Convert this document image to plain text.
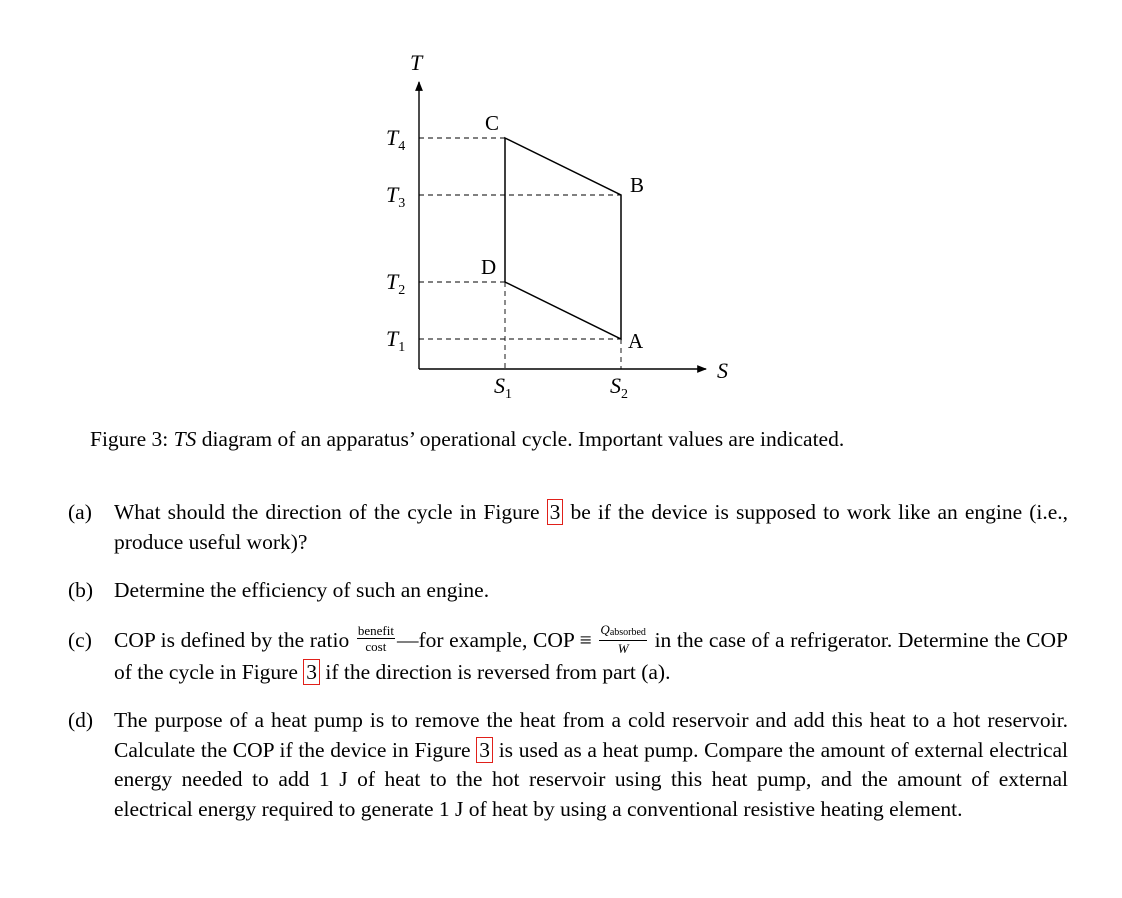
T
S
$T_4$
$T_3$
$T_2$
$T_1$
$S_1$	$S_2$
C
B
D
A
Figure 3: TS diagram of an apparatus’ operational cycle. Important values are indicated.

(a) What should the direction of the cycle in Figure 3 be if the device is supposed to work like an engine (i.e., produce useful work)?

(b) Determine the efficiency of such an engine.

(c) COP is defined by the ratio $\frac{\text{benefit}}{\cos t}$ —for example, COP ≡ $\frac{Q_{absorbed}}{W}$ in the case of a refrigerator. Determine the COP of the cycle in Figure 3 if the direction is reversed from part (a).

(d) The purpose of a heat pump is to remove the heat from a cold reservoir and add this heat to a hot reservoir. Calculate the COP if the device in Figure 3 is used as a heat pump. Compare the amount of external electrical energy needed to add 1 J of heat to the hot reservoir using this heat pump, and the amount of external electrical energy required to generate 1 J of heat by using a conventional resistive heating element.
